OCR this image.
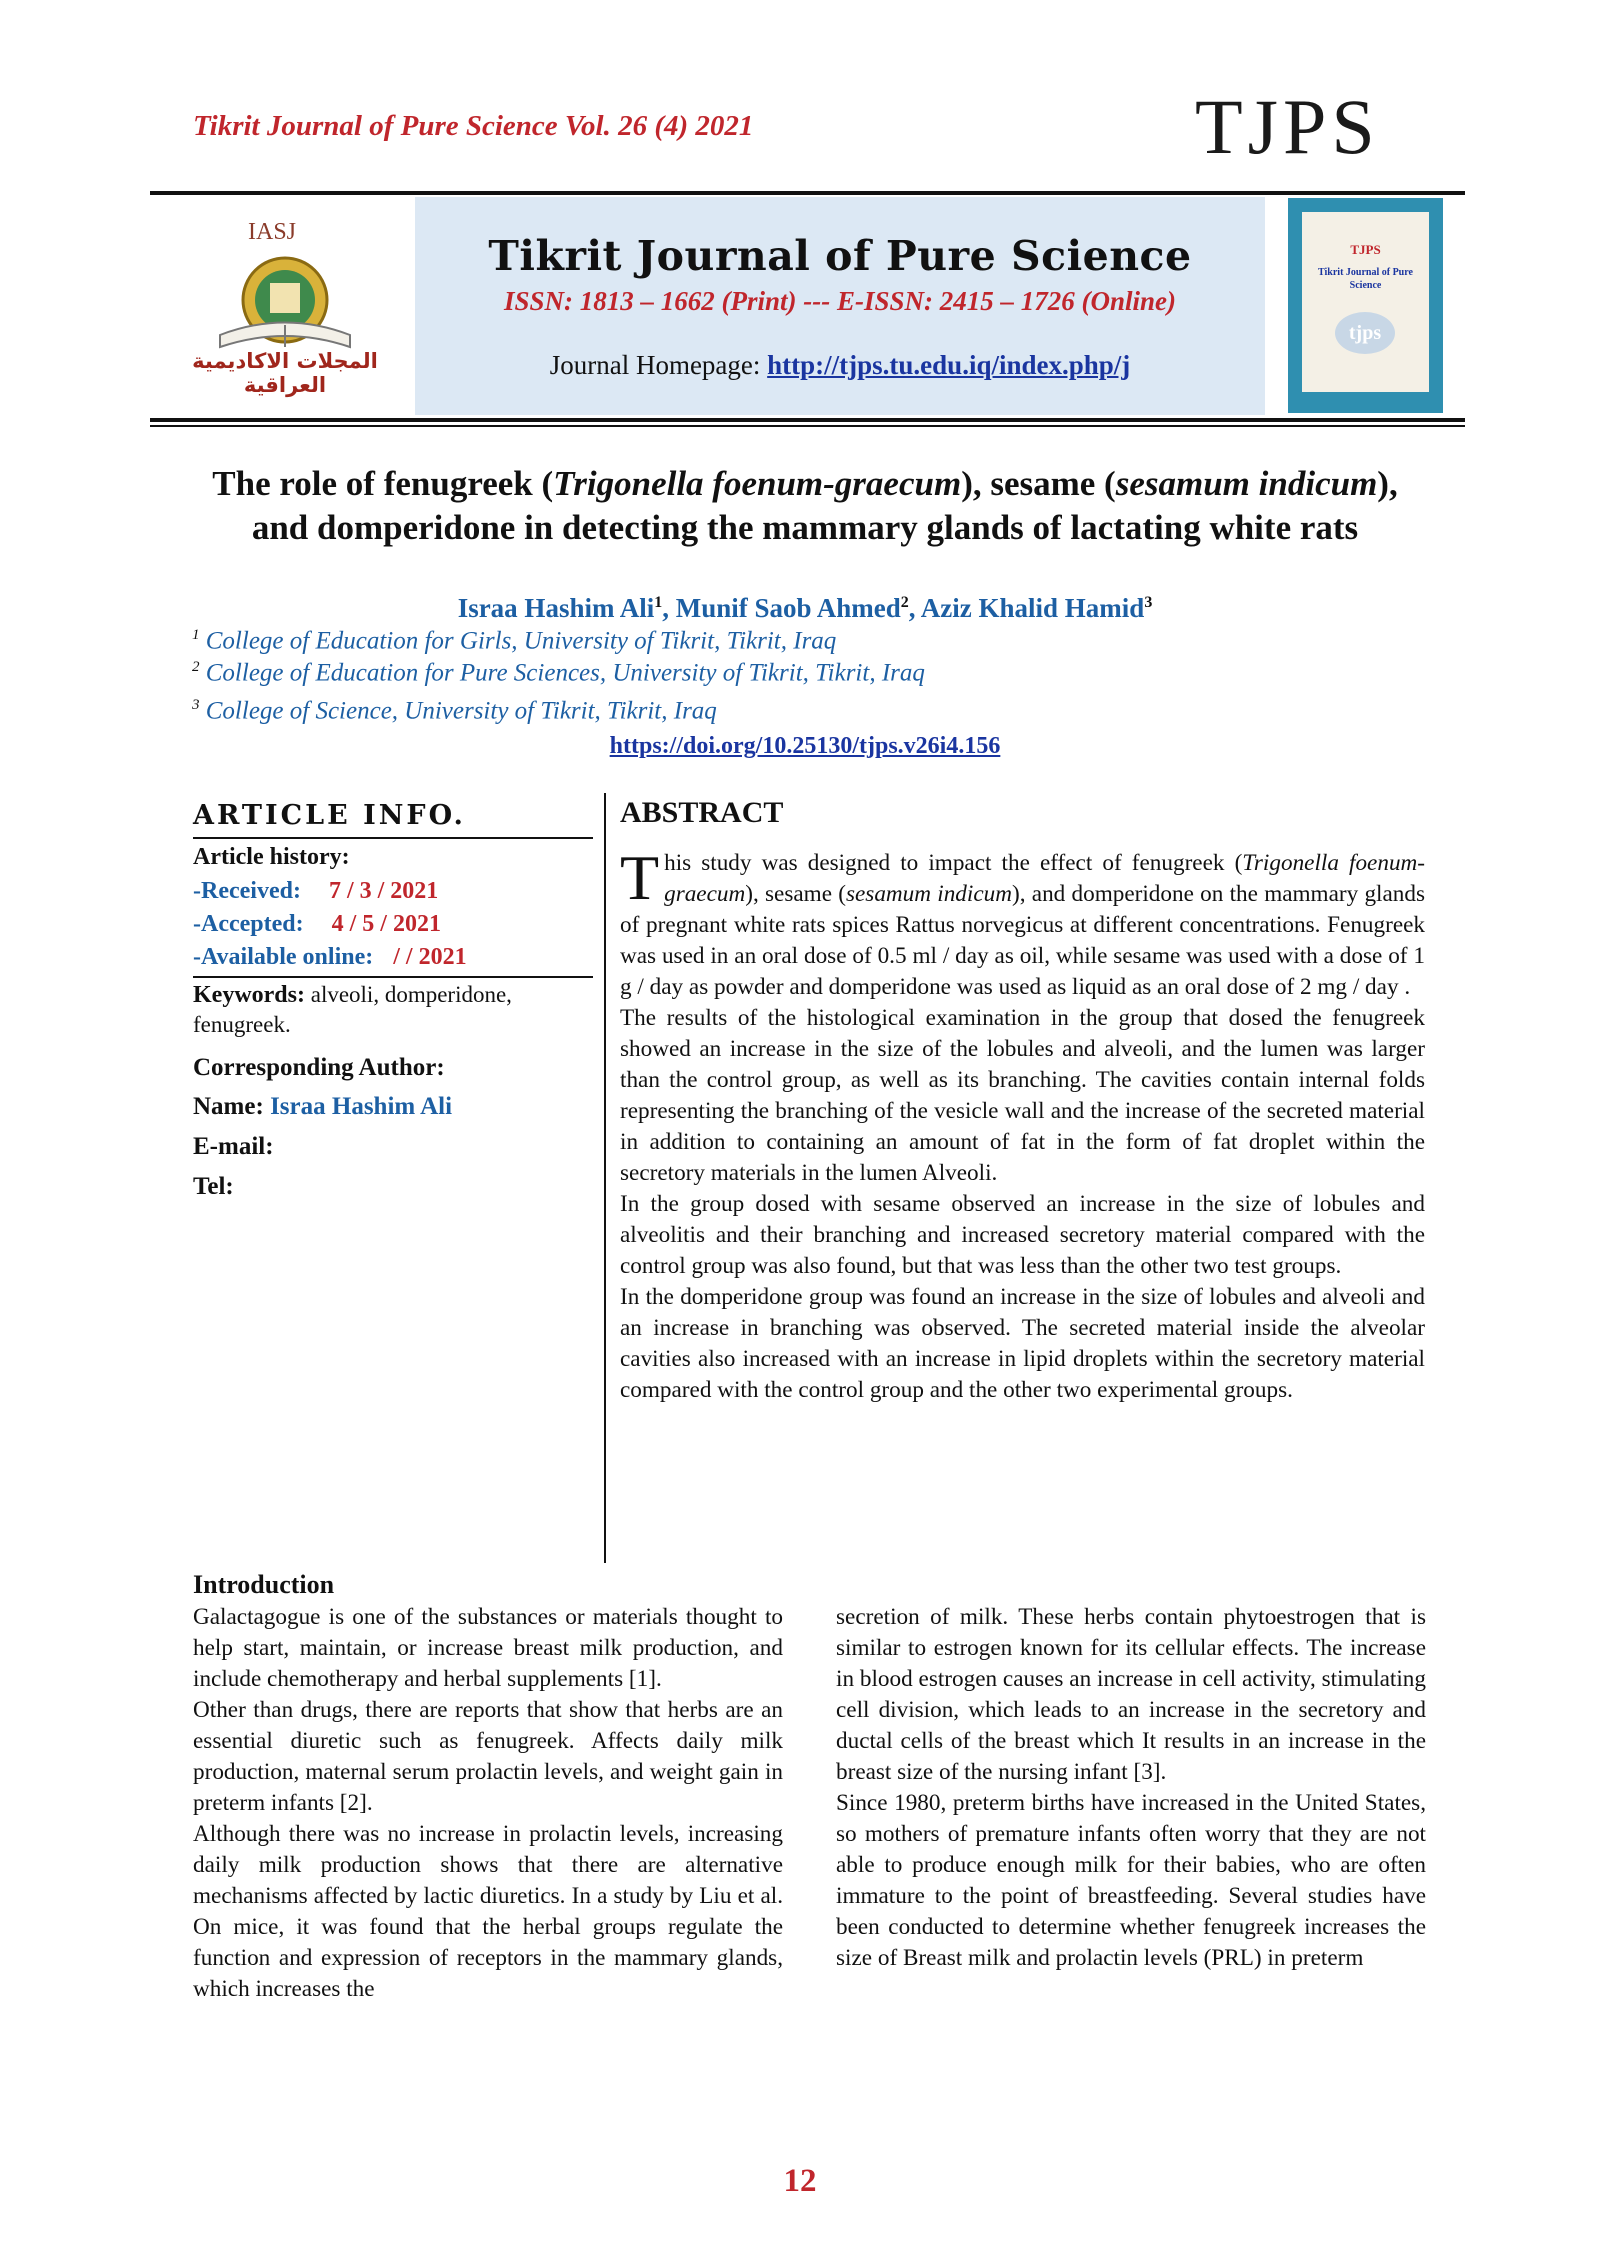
Tikrit Journal of Pure Science Vol. 26 (4) 2021	TJPS
IASJ
المجلات الاكاديمية العراقية
Tikrit Journal of Pure Science
ISSN: 1813 – 1662 (Print) --- E-ISSN: 2415 – 1726 (Online)
Journal Homepage: http://tjps.tu.edu.iq/index.php/j
TJPS
Tikrit Journal of Pure Science
tjps
The role of fenugreek (Trigonella foenum-graecum), sesame (sesamum indicum), and domperidone in detecting the mammary glands of lactating white rats
Israa Hashim Ali$^1$, Munif Saob Ahmed$^2$, Aziz Khalid Hamid$^3$
$^1$ College of Education for Girls, University of Tikrit, Tikrit, Iraq
$^2$ College of Education for Pure Sciences, University of Tikrit, Tikrit, Iraq
$^3$ College of Science, University of Tikrit, Tikrit, Iraq
https://doi.org/10.25130/tjps.v26i4.156
ARTICLE INFO.
Article history:
-Received: 7 / 3 / 2021
-Accepted: 4 / 5 / 2021
-Available online: / / 2021
Keywords: alveoli, domperidone, fenugreek.
Corresponding Author:
Name: Israa Hashim Ali
E-mail:
Tel:
ABSTRACT

This study was designed to impact the effect of fenugreek (Trigonella foenum-graecum), sesame (sesamum indicum), and domperidone on the mammary glands of pregnant white rats spices Rattus norvegicus at different concentrations. Fenugreek was used in an oral dose of 0.5 ml / day as oil, while sesame was used with a dose of 1 g / day as powder and domperidone was used as liquid as an oral dose of 2 mg / day .

The results of the histological examination in the group that dosed the fenugreek showed an increase in the size of the lobules and alveoli, and the lumen was larger than the control group, as well as its branching. The cavities contain internal folds representing the branching of the vesicle wall and the increase of the secreted material in addition to containing an amount of fat in the form of fat droplet within the secretory materials in the lumen Alveoli.

In the group dosed with sesame observed an increase in the size of lobules and alveolitis and their branching and increased secretory material compared with the control group was also found, but that was less than the other two test groups.

In the domperidone group was found an increase in the size of lobules and alveoli and an increase in branching was observed. The secreted material inside the alveolar cavities also increased with an increase in lipid droplets within the secretory material compared with the control group and the other two experimental groups.

Introduction

Galactagogue is one of the substances or materials thought to help start, maintain, or increase breast milk production, and include chemotherapy and herbal supplements [1].

Other than drugs, there are reports that show that herbs are an essential diuretic such as fenugreek. Affects daily milk production, maternal serum prolactin levels, and weight gain in preterm infants [2].

Although there was no increase in prolactin levels, increasing daily milk production shows that there are alternative mechanisms affected by lactic diuretics. In a study by Liu et al. On mice, it was found that the herbal groups regulate the function and expression of receptors in the mammary glands, which increases the

secretion of milk. These herbs contain phytoestrogen that is similar to estrogen known for its cellular effects. The increase in blood estrogen causes an increase in cell activity, stimulating cell division, which leads to an increase in the secretory and ductal cells of the breast which It results in an increase in the breast size of the nursing infant [3].

Since 1980, preterm births have increased in the United States, so mothers of premature infants often worry that they are not able to produce enough milk for their babies, who are often immature to the point of breastfeeding. Several studies have been conducted to determine whether fenugreek increases the size of Breast milk and prolactin levels (PRL) in preterm

12
